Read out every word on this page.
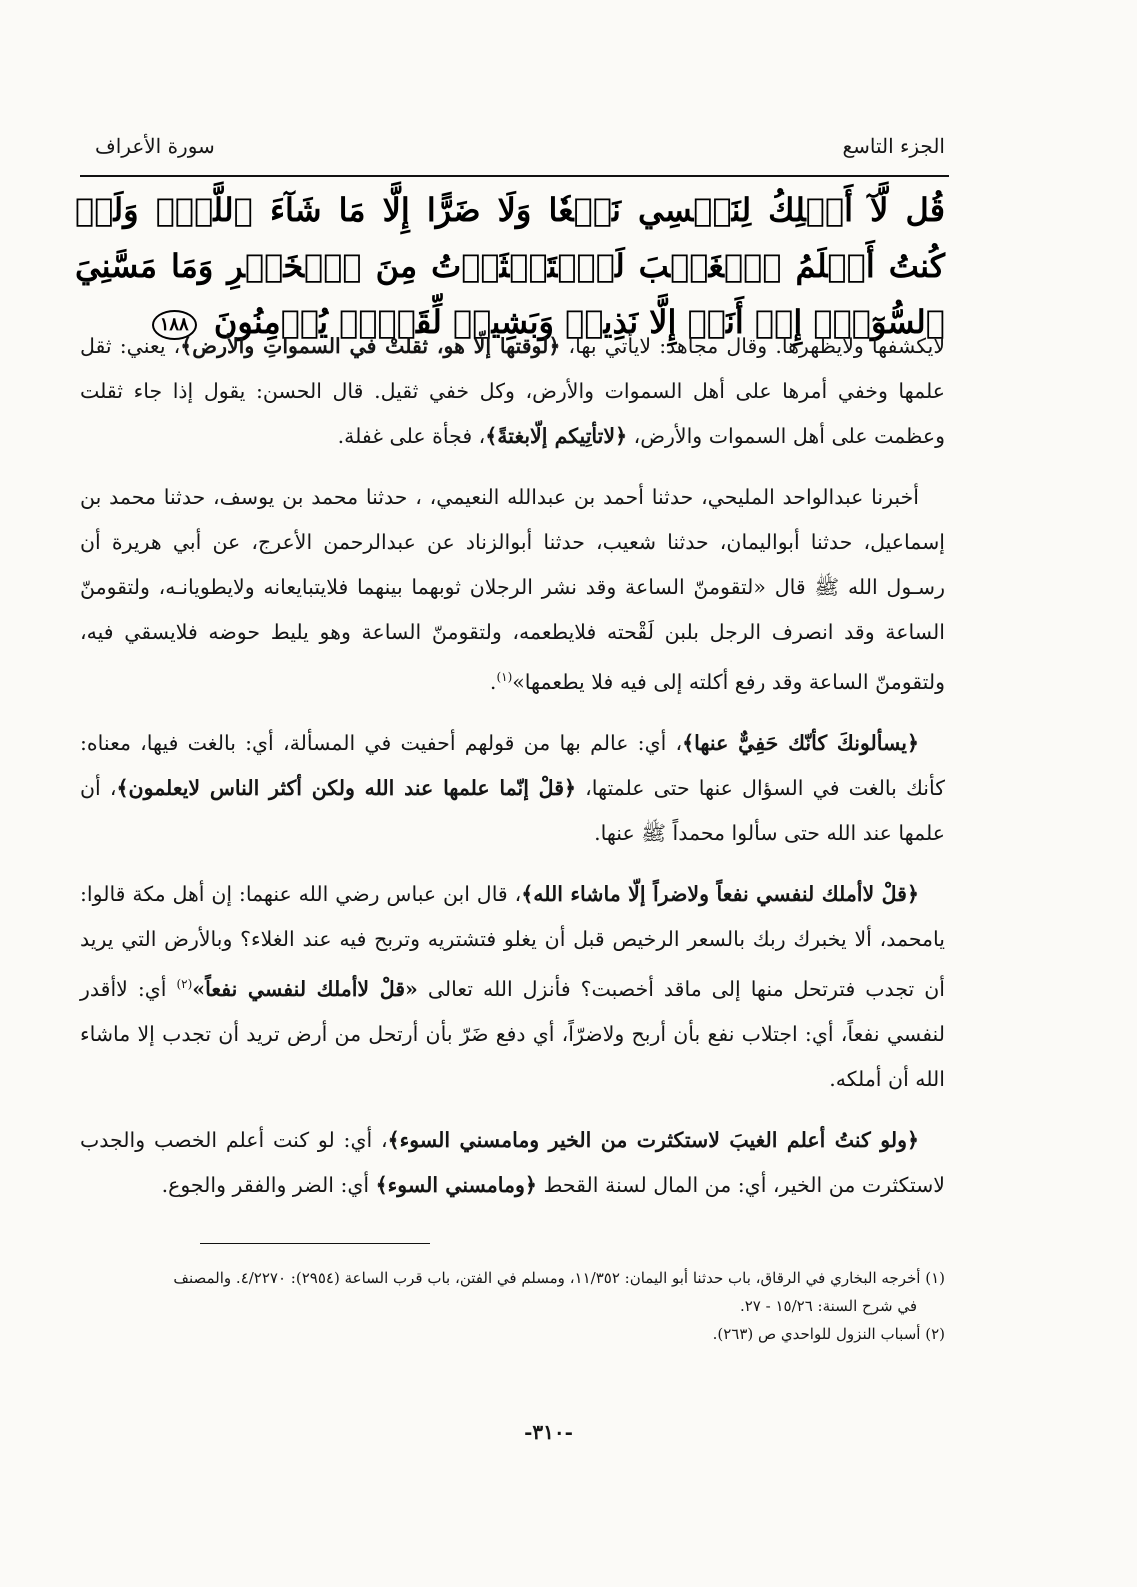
الجزء التاسع
سورة الأعراف
قُل لَّآ أَمۡلِكُ لِنَفۡسِي نَفۡعٗا وَلَا ضَرًّا إِلَّا مَا شَآءَ ٱللَّهُۚ وَلَوۡ كُنتُ أَعۡلَمُ ٱلۡغَيۡبَ لَٱسۡتَكۡثَرۡتُ مِنَ ٱلۡخَيۡرِ وَمَا مَسَّنِيَ ٱلسُّوٓءُۚ إِنۡ أَنَا۠ إِلَّا نَذِيرٞ وَبَشِيرٞ لِّقَوۡمٖ يُؤۡمِنُونَ ١٨٨

لايكشفها ولايظهرها. وقال مجاهد: لايأتي بها، ﴿لوقتها إلّا هو، ثقلتْ في السمواتِ والأرض﴾، يعني: ثقل علمها وخفي أمرها على أهل السموات والأرض، وكل خفي ثقيل. قال الحسن: يقول إذا جاء ثقلت وعظمت على أهل السموات والأرض، ﴿لاتأتِيكم إلّابغتةً﴾، فجأة على غفلة.

أخبرنا عبدالواحد المليحي، حدثنا أحمد بن عبدالله النعيمي، ، حدثنا محمد بن يوسف، حدثنا محمد بن إسماعيل، حدثنا أبواليمان، حدثنا شعيب، حدثنا أبوالزناد عن عبدالرحمن الأعرج، عن أبي هريرة أن رسـول الله ﷺ قال «لتقومنّ الساعة وقد نشر الرجلان ثوبهما بينهما فلايتبايعانه ولايطويانـه، ولتقومنّ الساعة وقد انصرف الرجل بلبن لَقْحته فلايطعمه، ولتقومنّ الساعة وهو يليط حوضه فلايسقي فيه، ولتقومنّ الساعة وقد رفع أكلته إلى فيه فلا يطعمها»$^{(١)}$.

﴿يسألونكَ كأنّك حَفِيٌّ عنها﴾، أي: عالم بها من قولهم أحفيت في المسألة، أي: بالغت فيها، معناه: كأنك بالغت في السؤال عنها حتى علمتها، ﴿قلْ إنّما علمها عند الله ولكن أكثر الناس لايعلمون﴾، أن علمها عند الله حتى سألوا محمداً ﷺ عنها.

﴿قلْ لاأملك لنفسي نفعاً ولاضراً إلّا ماشاء الله﴾، قال ابن عباس رضي الله عنهما: إن أهل مكة قالوا: يامحمد، ألا يخبرك ربك بالسعر الرخيص قبل أن يغلو فتشتريه وتربح فيه عند الغلاء؟ وبالأرض التي يريد أن تجدب فترتحل منها إلى ماقد أخصبت؟ فأنزل الله تعالى «قلْ لاأملك لنفسي نفعاً»$^{(٢)}$ أي: لاأقدر لنفسي نفعاً، أي: اجتلاب نفع بأن أربح ولاضرّاً، أي دفع ضَرّ بأن أرتحل من أرض تريد أن تجدب إلا ماشاء الله أن أملكه.

﴿ولو كنتُ أعلم الغيبَ لاستكثرت من الخير ومامسني السوء﴾، أي: لو كنت أعلم الخصب والجدب لاستكثرت من الخير، أي: من المال لسنة القحط ﴿ومامسني السوء﴾ أي: الضر والفقر والجوع.

(١) أخرجه البخاري في الرقاق، باب حدثنا أبو اليمان: ١١/٣٥٢، ومسلم في الفتن، باب قرب الساعة (٢٩٥٤): ٤/٢٢٧٠. والمصنف

في شرح السنة: ١٥/٢٦ - ٢٧.

(٢) أسباب النزول للواحدي ص (٢٦٣).

-٣١٠-
